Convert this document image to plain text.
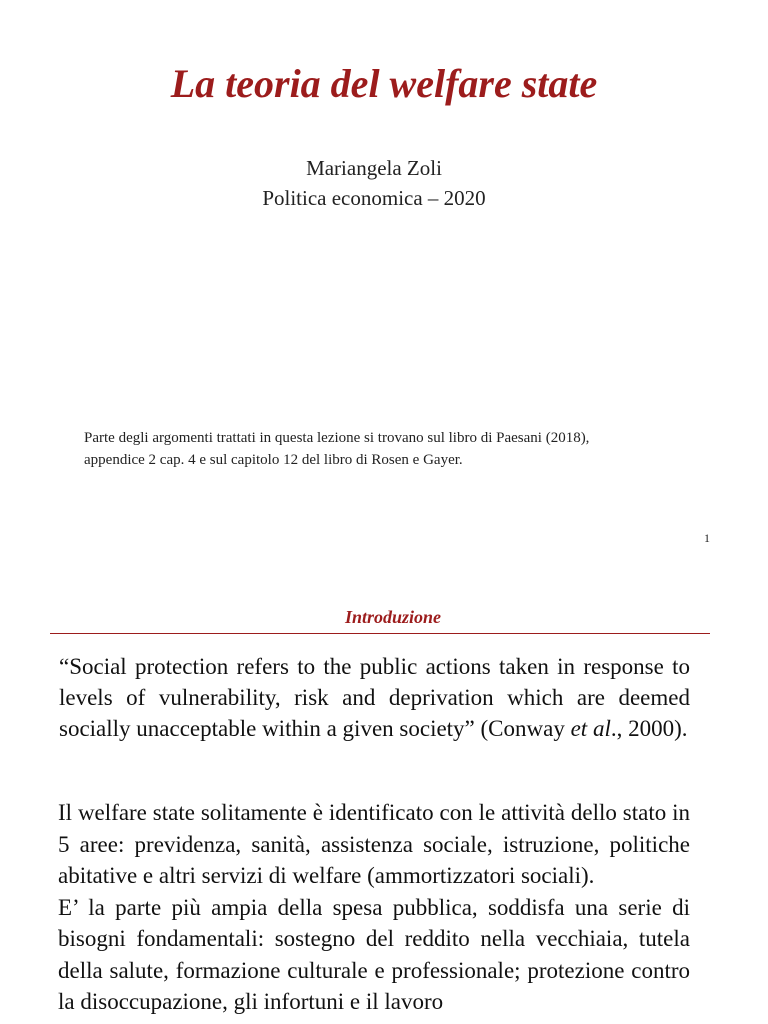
La teoria del welfare state
Mariangela Zoli
Politica economica – 2020
Parte degli argomenti trattati in questa lezione si trovano sul libro di Paesani (2018), appendice 2 cap. 4 e sul capitolo 12 del libro di Rosen e Gayer.
1
Introduzione
“Social protection refers to the public actions taken in response to levels of vulnerability, risk and deprivation which are deemed socially unacceptable within a given society” (Conway et al., 2000).

Il welfare state solitamente è identificato con le attività dello stato in 5 aree: previdenza, sanità, assistenza sociale, istruzione, politiche abitative e altri servizi di welfare (ammortizzatori sociali).

E’ la parte più ampia della spesa pubblica, soddisfa una serie di bisogni fondamentali: sostegno del reddito nella vecchiaia, tutela della salute, formazione culturale e professionale; protezione contro la disoccupazione, gli infortuni e il lavoro
